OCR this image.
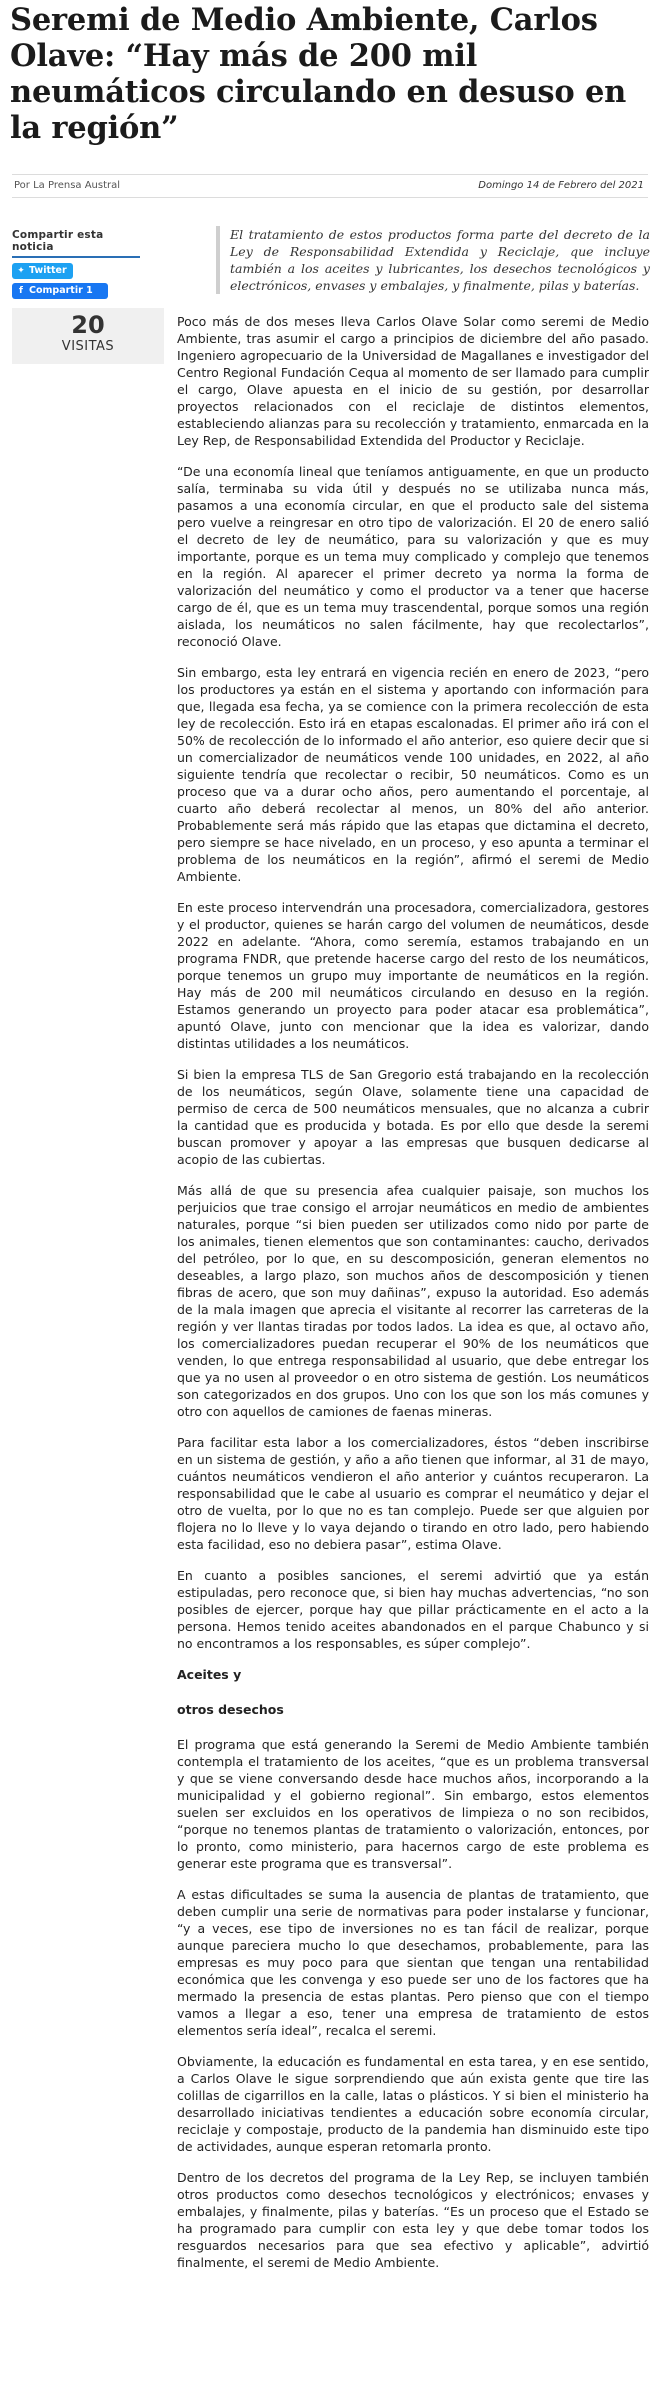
Seremi de Medio Ambiente, Carlos Olave: “Hay más de 200 mil neumáticos circulando en desuso en la región”
Por La Prensa Austral	Domingo 14 de Febrero del 2021
Compartir esta noticia
✦ Twitter
f Compartir 1
20
VISITAS

El tratamiento de estos productos forma parte del decreto de la Ley de Responsabilidad Extendida y Reciclaje, que incluye también a los aceites y lubricantes, los desechos tecnológicos y electrónicos, envases y embalajes, y finalmente, pilas y baterías.

Poco más de dos meses lleva Carlos Olave Solar como seremi de Medio Ambiente, tras asumir el cargo a principios de diciembre del año pasado. Ingeniero agropecuario de la Universidad de Magallanes e investigador del Centro Regional Fundación Cequa al momento de ser llamado para cumplir el cargo, Olave apuesta en el inicio de su gestión, por desarrollar proyectos relacionados con el reciclaje de distintos elementos, estableciendo alianzas para su recolección y tratamiento, enmarcada en la Ley Rep, de Responsabilidad Extendida del Productor y Reciclaje.

“De una economía lineal que teníamos antiguamente, en que un producto salía, terminaba su vida útil y después no se utilizaba nunca más, pasamos a una economía circular, en que el producto sale del sistema pero vuelve a reingresar en otro tipo de valorización. El 20 de enero salió el decreto de ley de neumático, para su valorización y que es muy importante, porque es un tema muy complicado y complejo que tenemos en la región. Al aparecer el primer decreto ya norma la forma de valorización del neumático y como el productor va a tener que hacerse cargo de él, que es un tema muy trascendental, porque somos una región aislada, los neumáticos no salen fácilmente, hay que recolectarlos”, reconoció Olave.

Sin embargo, esta ley entrará en vigencia recién en enero de 2023, “pero los productores ya están en el sistema y aportando con información para que, llegada esa fecha, ya se comience con la primera recolección de esta ley de recolección. Esto irá en etapas escalonadas. El primer año irá con el 50% de recolección de lo informado el año anterior, eso quiere decir que si un comercializador de neumáticos vende 100 unidades, en 2022, al año siguiente tendría que recolectar o recibir, 50 neumáticos. Como es un proceso que va a durar ocho años, pero aumentando el porcentaje, al cuarto año deberá recolectar al menos, un 80% del año anterior. Probablemente será más rápido que las etapas que dictamina el decreto, pero siempre se hace nivelado, en un proceso, y eso apunta a terminar el problema de los neumáticos en la región”, afirmó el seremi de Medio Ambiente.

En este proceso intervendrán una procesadora, comercializadora, gestores y el productor, quienes se harán cargo del volumen de neumáticos, desde 2022 en adelante. “Ahora, como seremía, estamos trabajando en un programa FNDR, que pretende hacerse cargo del resto de los neumáticos, porque tenemos un grupo muy importante de neumáticos en la región. Hay más de 200 mil neumáticos circulando en desuso en la región. Estamos generando un proyecto para poder atacar esa problemática”, apuntó Olave, junto con mencionar que la idea es valorizar, dando distintas utilidades a los neumáticos.

Si bien la empresa TLS de San Gregorio está trabajando en la recolección de los neumáticos, según Olave, solamente tiene una capacidad de permiso de cerca de 500 neumáticos mensuales, que no alcanza a cubrir la cantidad que es producida y botada. Es por ello que desde la seremi buscan promover y apoyar a las empresas que busquen dedicarse al acopio de las cubiertas.

Más allá de que su presencia afea cualquier paisaje, son muchos los perjuicios que trae consigo el arrojar neumáticos en medio de ambientes naturales, porque “si bien pueden ser utilizados como nido por parte de los animales, tienen elementos que son contaminantes: caucho, derivados del petróleo, por lo que, en su descomposición, generan elementos no deseables, a largo plazo, son muchos años de descomposición y tienen fibras de acero, que son muy dañinas”, expuso la autoridad. Eso además de la mala imagen que aprecia el visitante al recorrer las carreteras de la región y ver llantas tiradas por todos lados. La idea es que, al octavo año, los comercializadores puedan recuperar el 90% de los neumáticos que venden, lo que entrega responsabilidad al usuario, que debe entregar los que ya no usen al proveedor o en otro sistema de gestión. Los neumáticos son categorizados en dos grupos. Uno con los que son los más comunes y otro con aquellos de camiones de faenas mineras.

Para facilitar esta labor a los comercializadores, éstos “deben inscribirse en un sistema de gestión, y año a año tienen que informar, al 31 de mayo, cuántos neumáticos vendieron el año anterior y cuántos recuperaron. La responsabilidad que le cabe al usuario es comprar el neumático y dejar el otro de vuelta, por lo que no es tan complejo. Puede ser que alguien por flojera no lo lleve y lo vaya dejando o tirando en otro lado, pero habiendo esta facilidad, eso no debiera pasar”, estima Olave.

En cuanto a posibles sanciones, el seremi advirtió que ya están estipuladas, pero reconoce que, si bien hay muchas advertencias, “no son posibles de ejercer, porque hay que pillar prácticamente en el acto a la persona. Hemos tenido aceites abandonados en el parque Chabunco y si no encontramos a los responsables, es súper complejo”.

Aceites y

otros desechos

El programa que está generando la Seremi de Medio Ambiente también contempla el tratamiento de los aceites, “que es un problema transversal y que se viene conversando desde hace muchos años, incorporando a la municipalidad y el gobierno regional”. Sin embargo, estos elementos suelen ser excluidos en los operativos de limpieza o no son recibidos, “porque no tenemos plantas de tratamiento o valorización, entonces, por lo pronto, como ministerio, para hacernos cargo de este problema es generar este programa que es transversal”.

A estas dificultades se suma la ausencia de plantas de tratamiento, que deben cumplir una serie de normativas para poder instalarse y funcionar, “y a veces, ese tipo de inversiones no es tan fácil de realizar, porque aunque pareciera mucho lo que desechamos, probablemente, para las empresas es muy poco para que sientan que tengan una rentabilidad económica que les convenga y eso puede ser uno de los factores que ha mermado la presencia de estas plantas. Pero pienso que con el tiempo vamos a llegar a eso, tener una empresa de tratamiento de estos elementos sería ideal”, recalca el seremi.

Obviamente, la educación es fundamental en esta tarea, y en ese sentido, a Carlos Olave le sigue sorprendiendo que aún exista gente que tire las colillas de cigarrillos en la calle, latas o plásticos. Y si bien el ministerio ha desarrollado iniciativas tendientes a educación sobre economía circular, reciclaje y compostaje, producto de la pandemia han disminuido este tipo de actividades, aunque esperan retomarla pronto.

Dentro de los decretos del programa de la Ley Rep, se incluyen también otros productos como desechos tecnológicos y electrónicos; envases y embalajes, y finalmente, pilas y baterías. “Es un proceso que el Estado se ha programado para cumplir con esta ley y que debe tomar todos los resguardos necesarios para que sea efectivo y aplicable”, advirtió finalmente, el seremi de Medio Ambiente.
